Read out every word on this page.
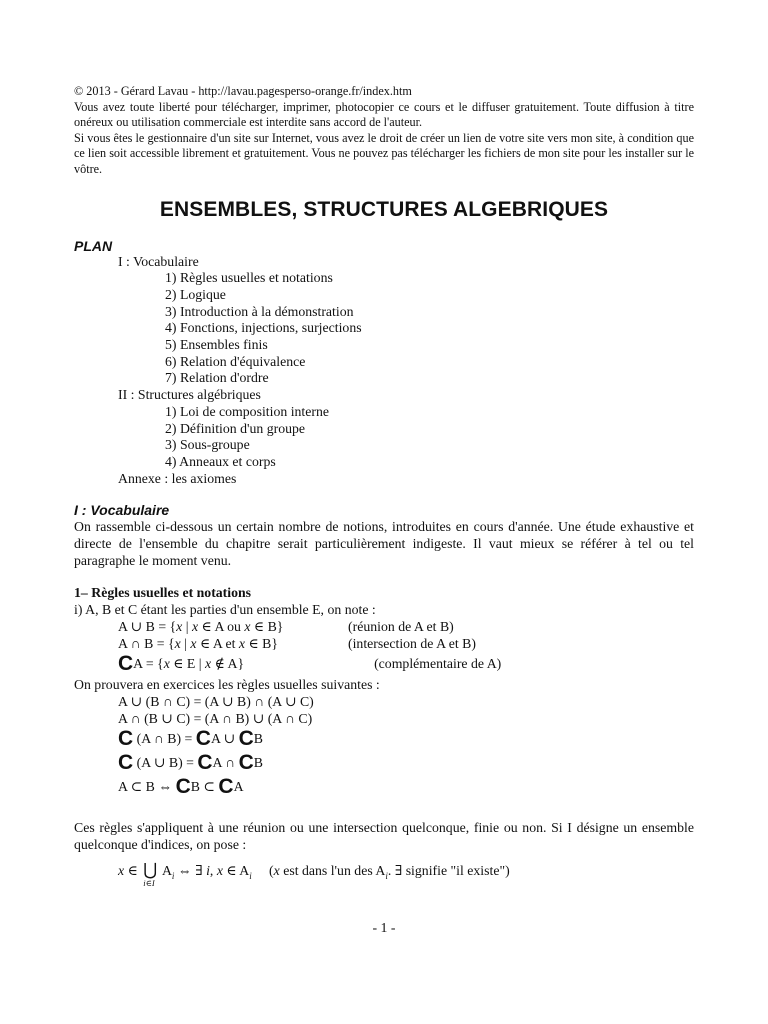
© 2013 - Gérard Lavau - http://lavau.pagesperso-orange.fr/index.htm

Vous avez toute liberté pour télécharger, imprimer, photocopier ce cours et le diffuser gratuitement. Toute diffusion à titre onéreux ou utilisation commerciale est interdite sans accord de l'auteur.

Si vous êtes le gestionnaire d'un site sur Internet, vous avez le droit de créer un lien de votre site vers mon site, à condition que ce lien soit accessible librement et gratuitement. Vous ne pouvez pas télécharger les fichiers de mon site pour les installer sur le vôtre.

ENSEMBLES, STRUCTURES ALGEBRIQUES
PLAN
I : Vocabulaire
1) Règles usuelles et notations
2) Logique
3) Introduction à la démonstration
4) Fonctions, injections, surjections
5) Ensembles finis
6) Relation d'équivalence
7) Relation d'ordre
II : Structures algébriques
1) Loi de composition interne
2) Définition d'un groupe
3) Sous-groupe
4) Anneaux et corps
Annexe : les axiomes
I : Vocabulaire

On rassemble ci-dessous un certain nombre de notions, introduites en cours d'année. Une étude exhaustive et directe de l'ensemble du chapitre serait particulièrement indigeste. Il vaut mieux se référer à tel ou tel paragraphe le moment venu.

1– Règles usuelles et notations
i) A, B et C étant les parties d'un ensemble E, on note :
A ∪ B = {x | x ∈ A ou x ∈ B}	(réunion de A et B)
A ∩ B = {x | x ∈ A et x ∈ B}	(intersection de A et B)
CA = {x ∈ E | x ∉ A}	(complémentaire de A)
On prouvera en exercices les règles usuelles suivantes :
A ∪ (B ∩ C) = (A ∪ B) ∩ (A ∪ C)
A ∩ (B ∪ C) = (A ∩ B) ∪ (A ∩ C)
C (A ∩ B) = CA ∪ CB
C (A ∪ B) = CA ∩ CB
A ⊂ B ⇔ CB ⊂ CA

Ces règles s'appliquent à une réunion ou une intersection quelconque, finie ou non. Si I désigne un ensemble quelconque d'indices, on pose :

x ∈ ⋃
i∈I
$A_i$ ⇔ ∃ i, x ∈ $A_i$ (x est dans l'un des $A_i$. ∃ signifie "il existe")
- 1 -
